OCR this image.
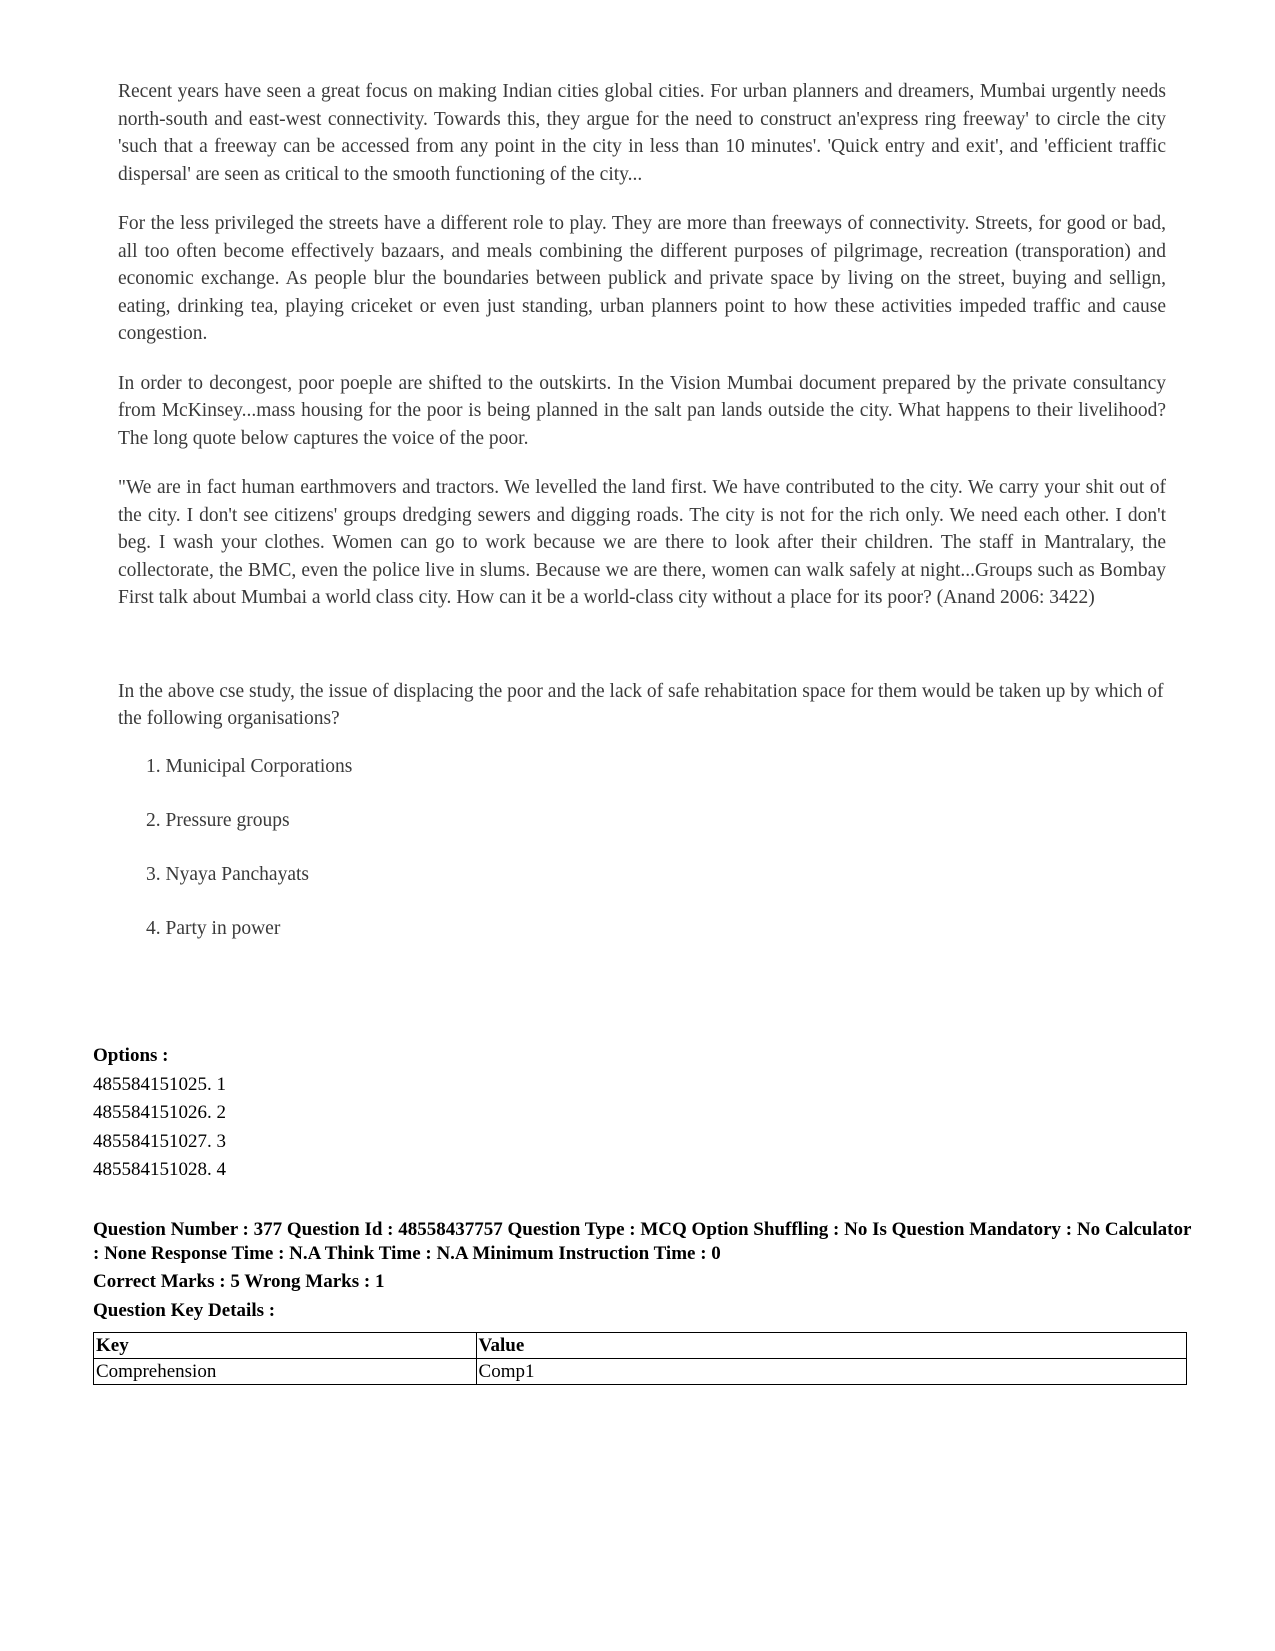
Recent years have seen a great focus on making Indian cities global cities. For urban planners and dreamers, Mumbai urgently needs north-south and east-west connectivity. Towards this, they argue for the need to construct an'express ring freeway' to circle the city 'such that a freeway can be accessed from any point in the city in less than 10 minutes'. 'Quick entry and exit', and 'efficient traffic dispersal' are seen as critical to the smooth functioning of the city...

For the less privileged the streets have a different role to play. They are more than freeways of connectivity. Streets, for good or bad, all too often become effectively bazaars, and meals combining the different purposes of pilgrimage, recreation (transporation) and economic exchange. As people blur the boundaries between publick and private space by living on the street, buying and sellign, eating, drinking tea, playing criceket or even just standing, urban planners point to how these activities impeded traffic and cause congestion.

In order to decongest, poor poeple are shifted to the outskirts. In the Vision Mumbai document prepared by the private consultancy from McKinsey...mass housing for the poor is being planned in the salt pan lands outside the city. What happens to their livelihood? The long quote below captures the voice of the poor.

"We are in fact human earthmovers and tractors. We levelled the land first. We have contributed to the city. We carry your shit out of the city. I don't see citizens' groups dredging sewers and digging roads. The city is not for the rich only. We need each other. I don't beg. I wash your clothes. Women can go to work because we are there to look after their children. The staff in Mantralary, the collectorate, the BMC, even the police live in slums. Because we are there, women can walk safely at night...Groups such as Bombay First talk about Mumbai a world class city. How can it be a world-class city without a place for its poor? (Anand 2006: 3422)

In the above cse study, the issue of displacing the poor and the lack of safe rehabitation space for them would be taken up by which of the following organisations?

1. Municipal Corporations
2. Pressure groups
3. Nyaya Panchayats
4. Party in power
Options :
485584151025. 1
485584151026. 2
485584151027. 3
485584151028. 4
Question Number : 377 Question Id : 48558437757 Question Type : MCQ Option Shuffling : No Is Question Mandatory : No Calculator : None Response Time : N.A Think Time : N.A Minimum Instruction Time : 0
Correct Marks : 5 Wrong Marks : 1
Question Key Details :
Key	Value
Comprehension	Comp1
